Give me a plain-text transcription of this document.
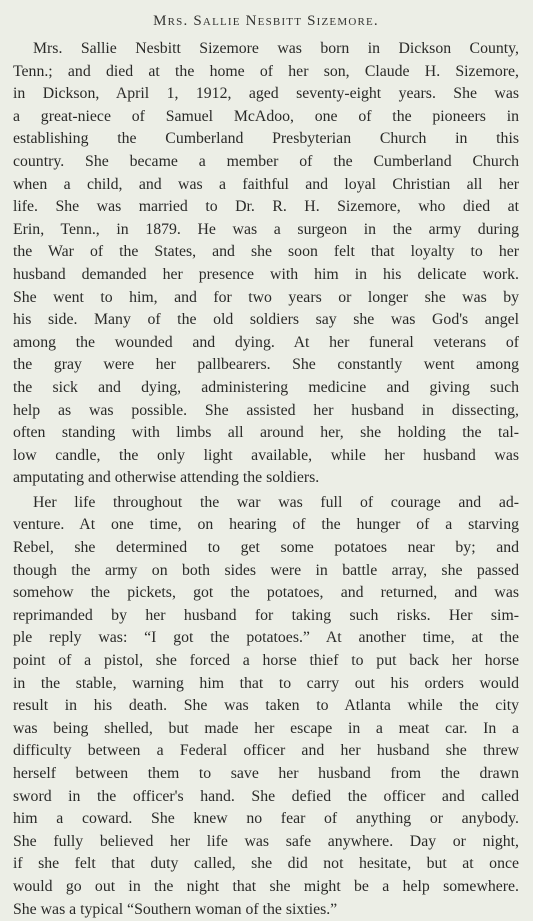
Mrs. Sallie Nesbitt Sizemore.
Mrs. Sallie Nesbitt Sizemore was born in Dickson County,
Tenn.; and died at the home of her son, Claude H. Sizemore,
in Dickson, April 1, 1912, aged seventy-eight years. She was
a great-niece of Samuel McAdoo, one of the pioneers in
establishing the Cumberland Presbyterian Church in this
country. She became a member of the Cumberland Church
when a child, and was a faithful and loyal Christian all her
life. She was married to Dr. R. H. Sizemore, who died at
Erin, Tenn., in 1879. He was a surgeon in the army during
the War of the States, and she soon felt that loyalty to her
husband demanded her presence with him in his delicate work.
She went to him, and for two years or longer she was by
his side. Many of the old soldiers say she was God's angel
among the wounded and dying. At her funeral veterans of
the gray were her pallbearers. She constantly went among
the sick and dying, administering medicine and giving such
help as was possible. She assisted her husband in dissecting,
often standing with limbs all around her, she holding the tal-
low candle, the only light available, while her husband was
amputating and otherwise attending the soldiers.
Her life throughout the war was full of courage and ad-
venture. At one time, on hearing of the hunger of a starving
Rebel, she determined to get some potatoes near by; and
though the army on both sides were in battle array, she passed
somehow the pickets, got the potatoes, and returned, and was
reprimanded by her husband for taking such risks. Her sim-
ple reply was: “I got the potatoes.” At another time, at the
point of a pistol, she forced a horse thief to put back her horse
in the stable, warning him that to carry out his orders would
result in his death. She was taken to Atlanta while the city
was being shelled, but made her escape in a meat car. In a
difficulty between a Federal officer and her husband she threw
herself between them to save her husband from the drawn
sword in the officer's hand. She defied the officer and called
him a coward. She knew no fear of anything or anybody.
She fully believed her life was safe anywhere. Day or night,
if she felt that duty called, she did not hesitate, but at once
would go out in the night that she might be a help somewhere.
She was a typical “Southern woman of the sixties.”
